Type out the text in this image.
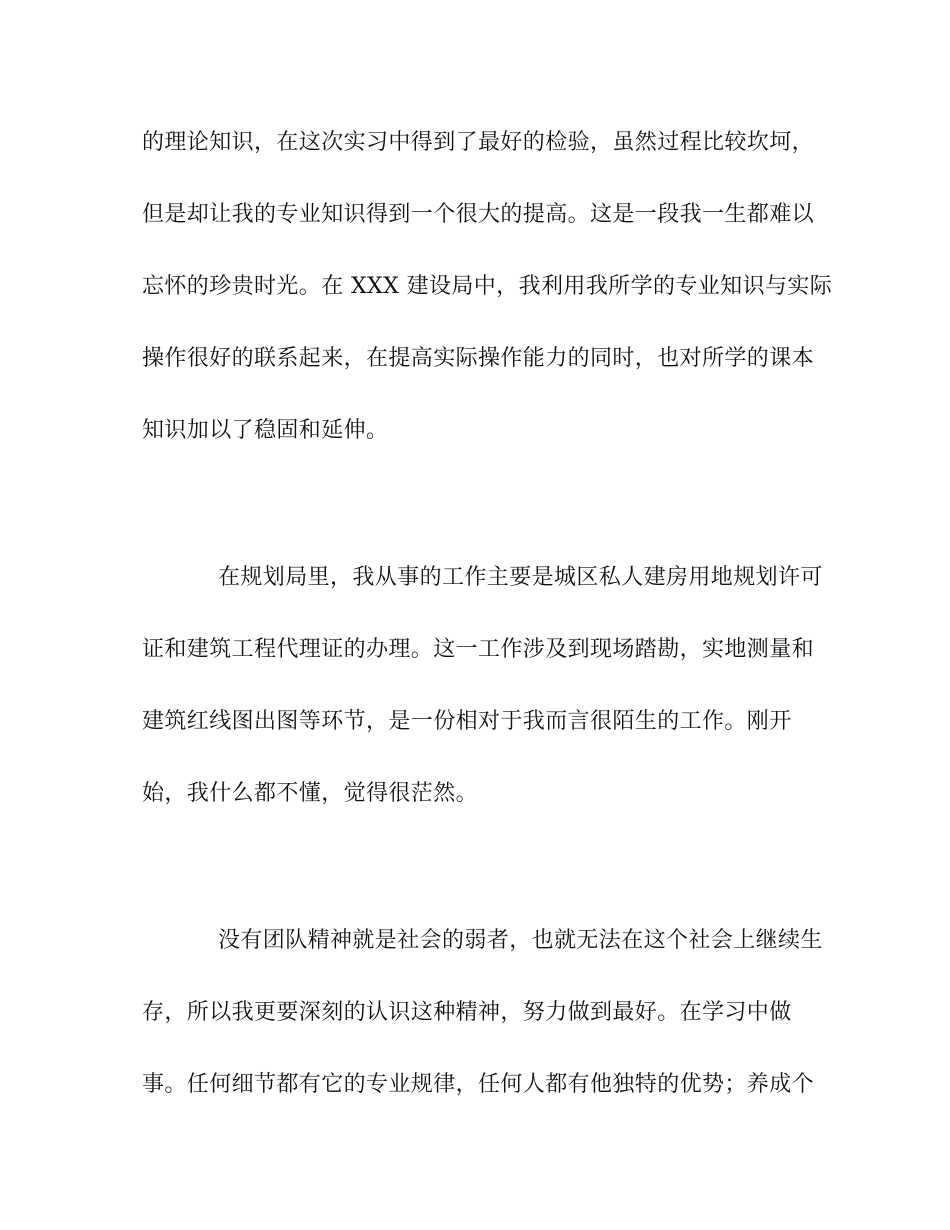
的理论知识，在这次实习中得到了最好的检验，虽然过程比较坎坷，

但是却让我的专业知识得到一个很大的提高。这是一段我一生都难以

忘怀的珍贵时光。在 XXX 建设局中，我利用我所学的专业知识与实际

操作很好的联系起来，在提高实际操作能力的同时，也对所学的课本

知识加以了稳固和延伸。

在规划局里，我从事的工作主要是城区私人建房用地规划许可

证和建筑工程代理证的办理。这一工作涉及到现场踏勘，实地测量和

建筑红线图出图等环节，是一份相对于我而言很陌生的工作。刚开

始，我什么都不懂，觉得很茫然。

没有团队精神就是社会的弱者，也就无法在这个社会上继续生

存，所以我更要深刻的认识这种精神，努力做到最好。在学习中做

事。任何细节都有它的专业规律，任何人都有他独特的优势；养成个
